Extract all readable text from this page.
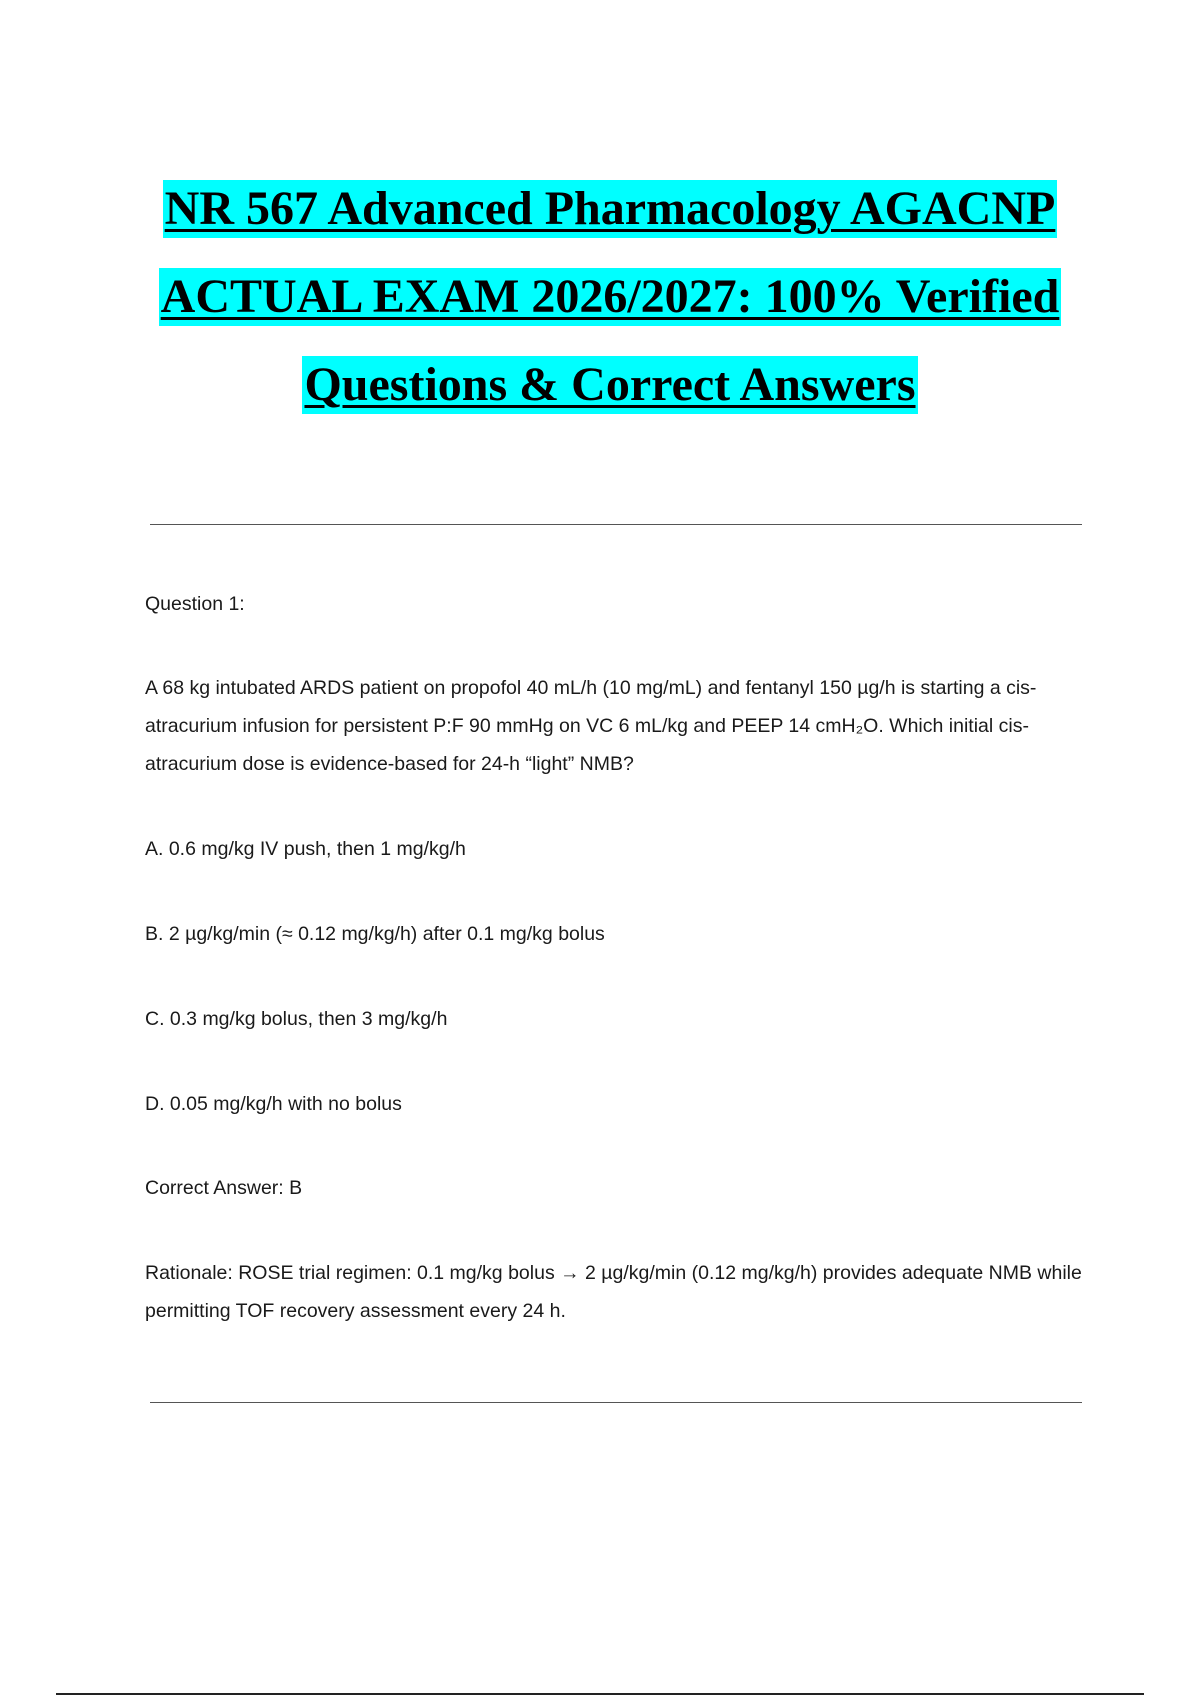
NR 567 Advanced Pharmacology AGACNP
ACTUAL EXAM 2026/2027: 100% Verified
Questions & Correct Answers
Question 1:
A 68 kg intubated ARDS patient on propofol 40 mL/h (10 mg/mL) and fentanyl 150 µg/h is starting a cis-atracurium infusion for persistent P:F 90 mmHg on VC 6 mL/kg and PEEP 14 cmH₂O. Which initial cis-atracurium dose is evidence-based for 24-h “light” NMB?
A. 0.6 mg/kg IV push, then 1 mg/kg/h
B. 2 µg/kg/min (≈ 0.12 mg/kg/h) after 0.1 mg/kg bolus
C. 0.3 mg/kg bolus, then 3 mg/kg/h
D. 0.05 mg/kg/h with no bolus
Correct Answer: B
Rationale: ROSE trial regimen: 0.1 mg/kg bolus → 2 µg/kg/min (0.12 mg/kg/h) provides adequate NMB while permitting TOF recovery assessment every 24 h.
